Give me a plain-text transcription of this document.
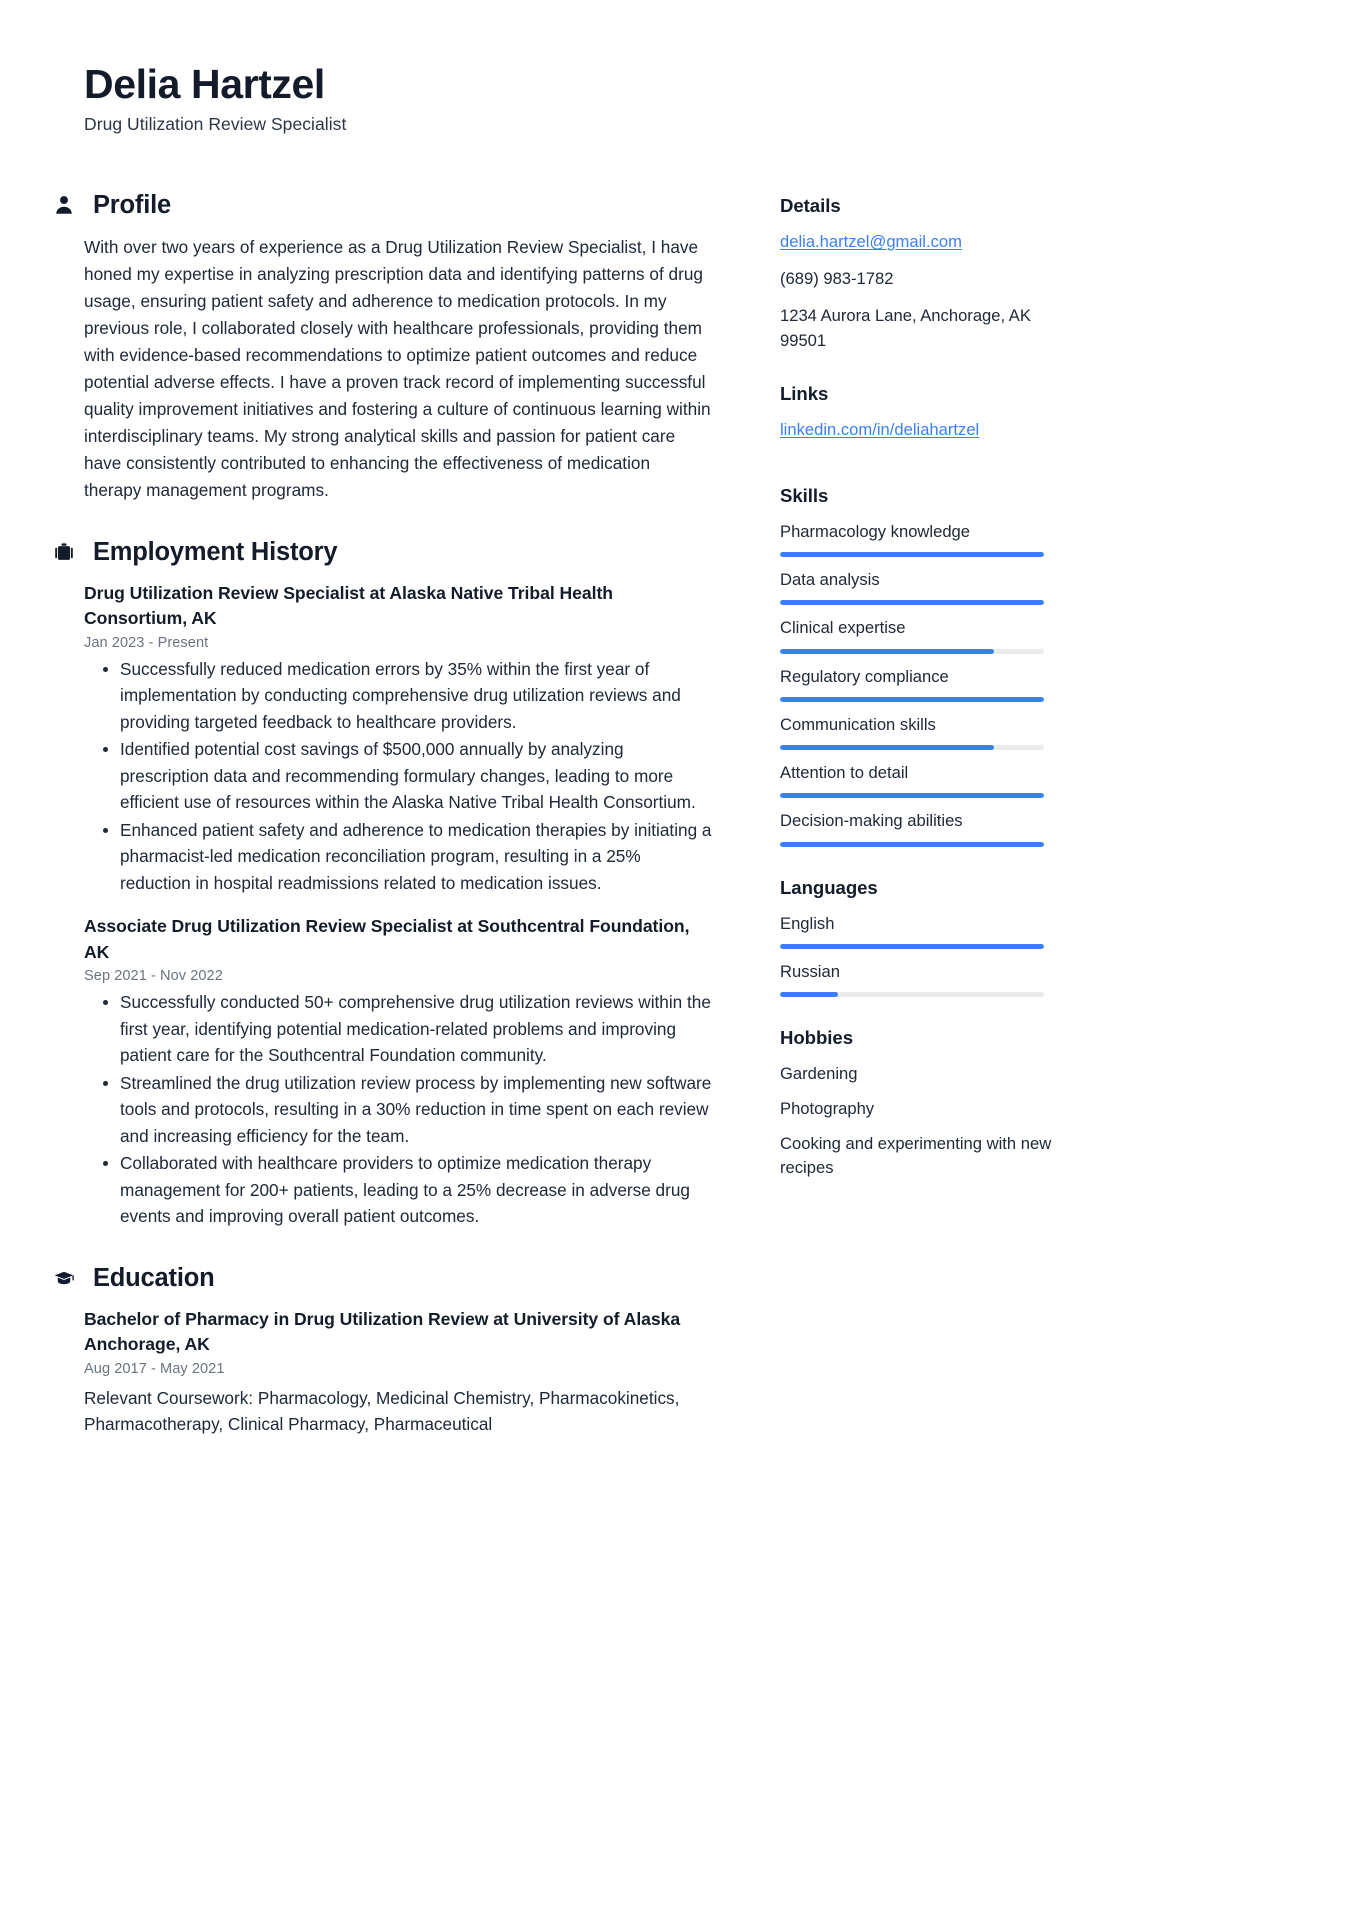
Delia Hartzel
Drug Utilization Review Specialist
Profile

With over two years of experience as a Drug Utilization Review Specialist, I have honed my expertise in analyzing prescription data and identifying patterns of drug usage, ensuring patient safety and adherence to medication protocols. In my previous role, I collaborated closely with healthcare professionals, providing them with evidence-based recommendations to optimize patient outcomes and reduce potential adverse effects. I have a proven track record of implementing successful quality improvement initiatives and fostering a culture of continuous learning within interdisciplinary teams. My strong analytical skills and passion for patient care have consistently contributed to enhancing the effectiveness of medication therapy management programs.

Employment History
Drug Utilization Review Specialist at Alaska Native Tribal Health Consortium, AK
Jan 2023 - Present
Successfully reduced medication errors by 35% within the first year of implementation by conducting comprehensive drug utilization reviews and providing targeted feedback to healthcare providers.
Identified potential cost savings of $500,000 annually by analyzing prescription data and recommending formulary changes, leading to more efficient use of resources within the Alaska Native Tribal Health Consortium.
Enhanced patient safety and adherence to medication therapies by initiating a pharmacist-led medication reconciliation program, resulting in a 25% reduction in hospital readmissions related to medication issues.
Associate Drug Utilization Review Specialist at Southcentral Foundation, AK
Sep 2021 - Nov 2022
Successfully conducted 50+ comprehensive drug utilization reviews within the first year, identifying potential medication-related problems and improving patient care for the Southcentral Foundation community.
Streamlined the drug utilization review process by implementing new software tools and protocols, resulting in a 30% reduction in time spent on each review and increasing efficiency for the team.
Collaborated with healthcare providers to optimize medication therapy management for 200+ patients, leading to a 25% decrease in adverse drug events and improving overall patient outcomes.
Education
Bachelor of Pharmacy in Drug Utilization Review at University of Alaska Anchorage, AK
Aug 2017 - May 2021
Relevant Coursework: Pharmacology, Medicinal Chemistry, Pharmacokinetics, Pharmacotherapy, Clinical Pharmacy, Pharmaceutical
Details
delia.hartzel@gmail.com
(689) 983-1782
1234 Aurora Lane, Anchorage, AK 99501
Links
linkedin.com/in/deliahartzel
Skills
Pharmacology knowledge
Data analysis
Clinical expertise
Regulatory compliance
Communication skills
Attention to detail
Decision-making abilities
Languages
English
Russian
Hobbies
Gardening
Photography
Cooking and experimenting with new recipes
